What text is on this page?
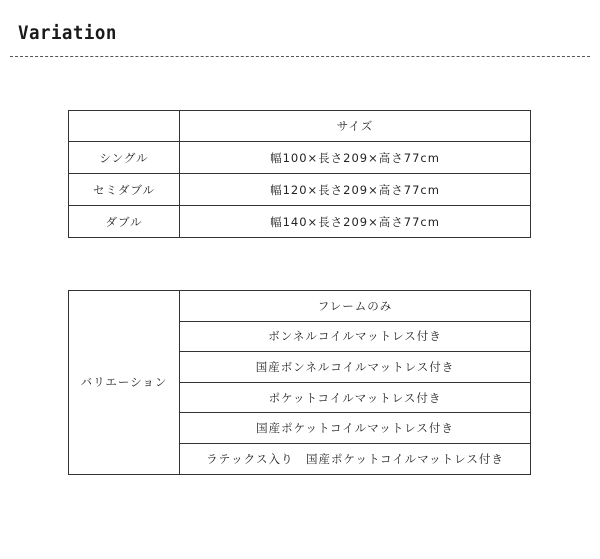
Variation
	サイズ
シングル	幅100×長さ209×高さ77cm
セミダブル	幅120×長さ209×高さ77cm
ダブル	幅140×長さ209×高さ77cm
バリエーション	フレームのみ
ボンネルコイルマットレス付き
国産ボンネルコイルマットレス付き
ポケットコイルマットレス付き
国産ポケットコイルマットレス付き
ラテックス入り　国産ポケットコイルマットレス付き
